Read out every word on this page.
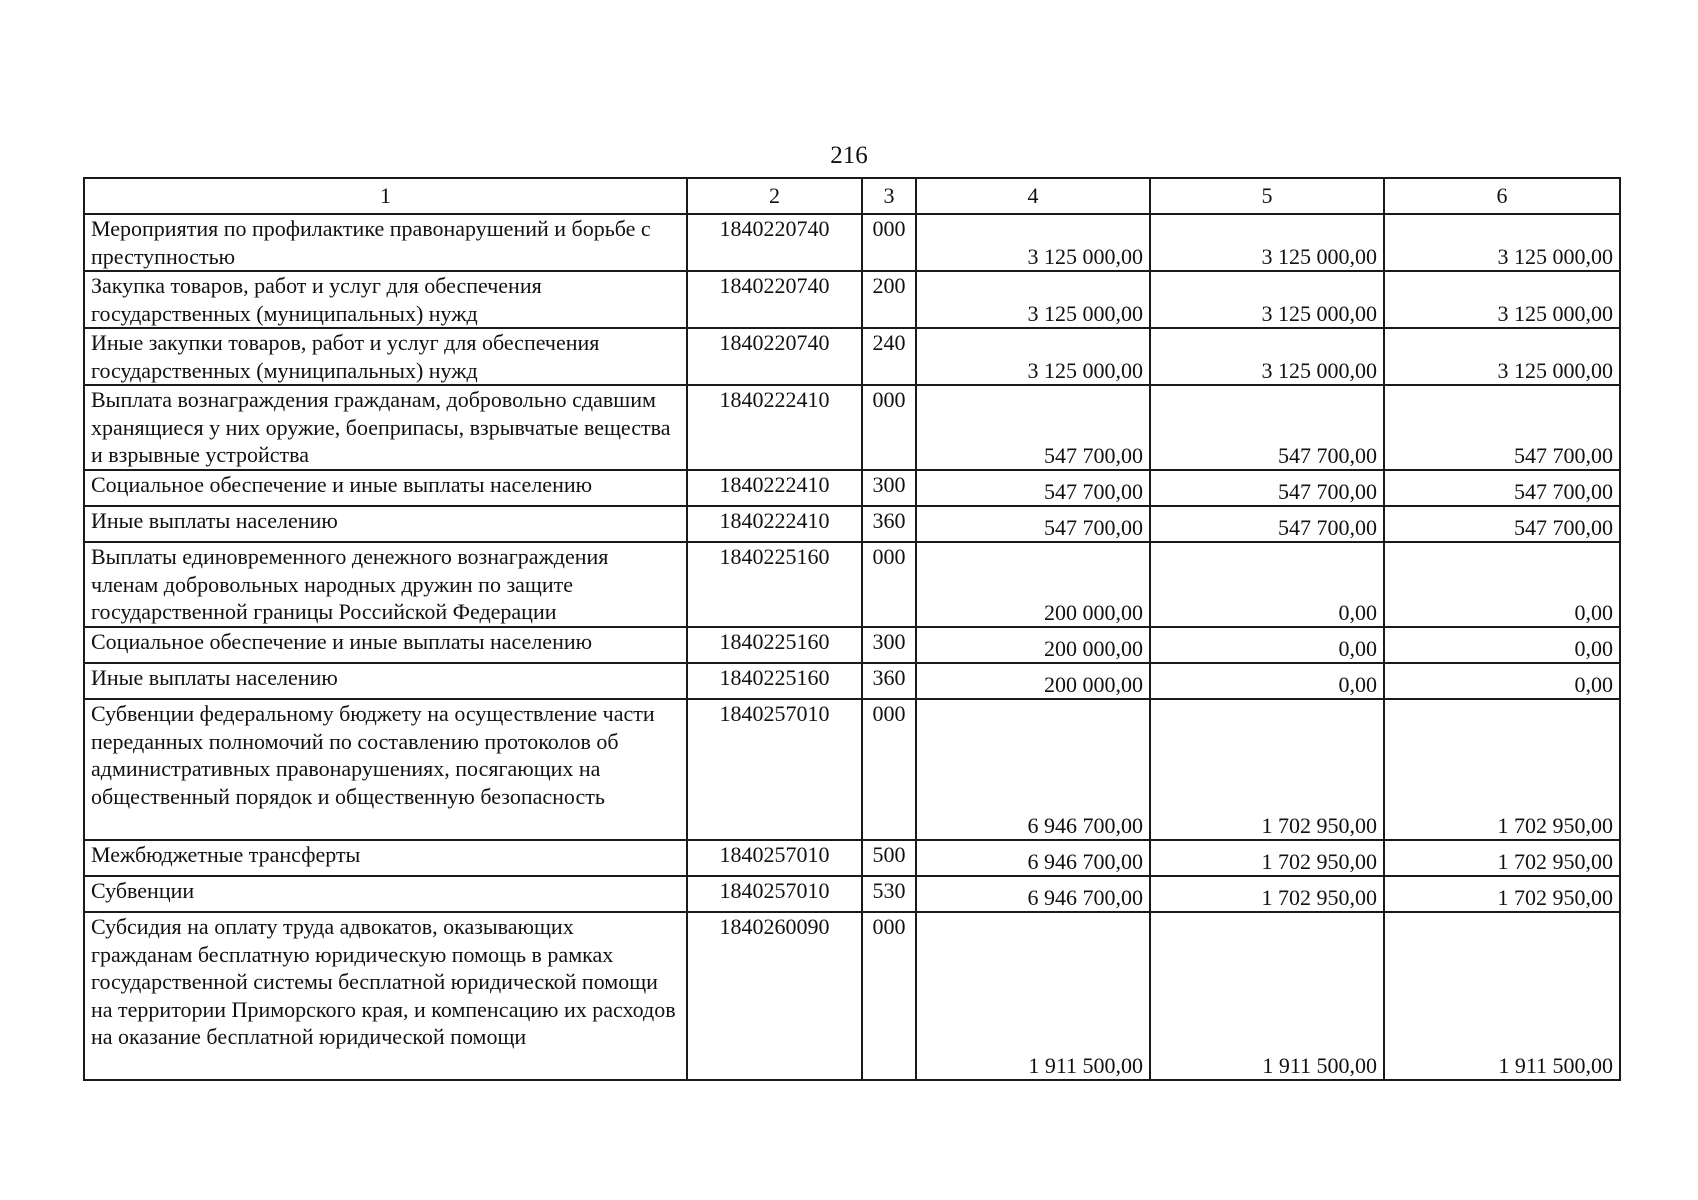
216
1	2	3	4	5	6
Мероприятия по профилактике правонарушений и борьбе с преступностью	1840220740	000	3 125 000,00	3 125 000,00	3 125 000,00
Закупка товаров, работ и услуг для обеспечения государственных (муниципальных) нужд	1840220740	200	3 125 000,00	3 125 000,00	3 125 000,00
Иные закупки товаров, работ и услуг для обеспечения государственных (муниципальных) нужд	1840220740	240	3 125 000,00	3 125 000,00	3 125 000,00
Выплата вознаграждения гражданам, добровольно сдавшим хранящиеся у них оружие, боеприпасы, взрывчатые вещества и взрывные устройства	1840222410	000	547 700,00	547 700,00	547 700,00
Социальное обеспечение и иные выплаты населению	1840222410	300	547 700,00	547 700,00	547 700,00
Иные выплаты населению	1840222410	360	547 700,00	547 700,00	547 700,00
Выплаты единовременного денежного вознаграждения членам добровольных народных дружин по защите государственной границы Российской Федерации	1840225160	000	200 000,00	0,00	0,00
Социальное обеспечение и иные выплаты населению	1840225160	300	200 000,00	0,00	0,00
Иные выплаты населению	1840225160	360	200 000,00	0,00	0,00
Субвенции федеральному бюджету на осуществление части переданных полномочий по составлению протоколов об административных правонарушениях, посягающих на общественный порядок и общественную безопасность	1840257010	000	6 946 700,00	1 702 950,00	1 702 950,00
Межбюджетные трансферты	1840257010	500	6 946 700,00	1 702 950,00	1 702 950,00
Субвенции	1840257010	530	6 946 700,00	1 702 950,00	1 702 950,00
Субсидия на оплату труда адвокатов, оказывающих гражданам бесплатную юридическую помощь в рамках государственной системы бесплатной юридической помощи на территории Приморского края, и компенсацию их расходов на оказание бесплатной юридической помощи	1840260090	000	1 911 500,00	1 911 500,00	1 911 500,00
